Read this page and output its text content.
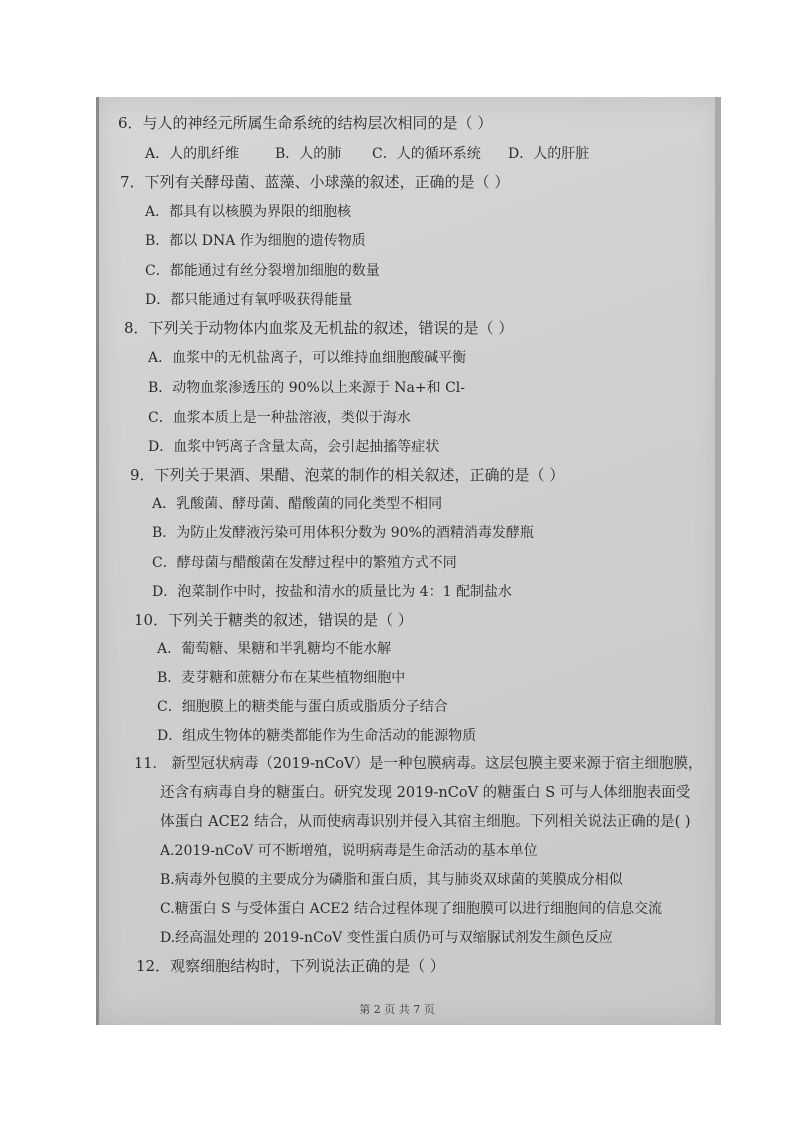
6．与人的神经元所属生命系统的结构层次相同的是（ ）
A．人的肌纤维	B．人的肺 C．人的循环系统 D．人的肝脏
7．下列有关酵母菌、蓝藻、小球藻的叙述，正确的是（ ）
A．都具有以核膜为界限的细胞核
B．都以 DNA 作为细胞的遗传物质
C．都能通过有丝分裂增加细胞的数量
D．都只能通过有氧呼吸获得能量
8．下列关于动物体内血浆及无机盐的叙述，错误的是（ ）
A．血浆中的无机盐离子，可以维持血细胞酸碱平衡
B．动物血浆渗透压的 90%以上来源于 Na+和 Cl-
C．血浆本质上是一种盐溶液，类似于海水
D．血浆中钙离子含量太高，会引起抽搐等症状
9．下列关于果酒、果醋、泡菜的制作的相关叙述，正确的是（ ）
A．乳酸菌、酵母菌、醋酸菌的同化类型不相同
B．为防止发酵液污染可用体积分数为 90%的酒精消毒发酵瓶
C．酵母菌与醋酸菌在发酵过程中的繁殖方式不同
D．泡菜制作中时，按盐和清水的质量比为 4：1 配制盐水
10．下列关于糖类的叙述，错误的是（ ）
A．葡萄糖、果糖和半乳糖均不能水解
B．麦芽糖和蔗糖分布在某些植物细胞中
C．细胞膜上的糖类能与蛋白质或脂质分子结合
D．组成生物体的糖类都能作为生命活动的能源物质
11． 新型冠状病毒（2019-nCoV）是一种包膜病毒。这层包膜主要来源于宿主细胞膜，
还含有病毒自身的糖蛋白。研究发现 2019-nCoV 的糖蛋白 S 可与人体细胞表面受
体蛋白 ACE2 结合，从而使病毒识别并侵入其宿主细胞。下列相关说法正确的是( )
A.2019-nCoV 可不断增殖，说明病毒是生命活动的基本单位
B.病毒外包膜的主要成分为磷脂和蛋白质，其与肺炎双球菌的荚膜成分相似
C.糖蛋白 S 与受体蛋白 ACE2 结合过程体现了细胞膜可以进行细胞间的信息交流
D.经高温处理的 2019-nCoV 变性蛋白质仍可与双缩脲试剂发生颜色反应
12．观察细胞结构时，下列说法正确的是（ ）
第 2 页 共 7 页
